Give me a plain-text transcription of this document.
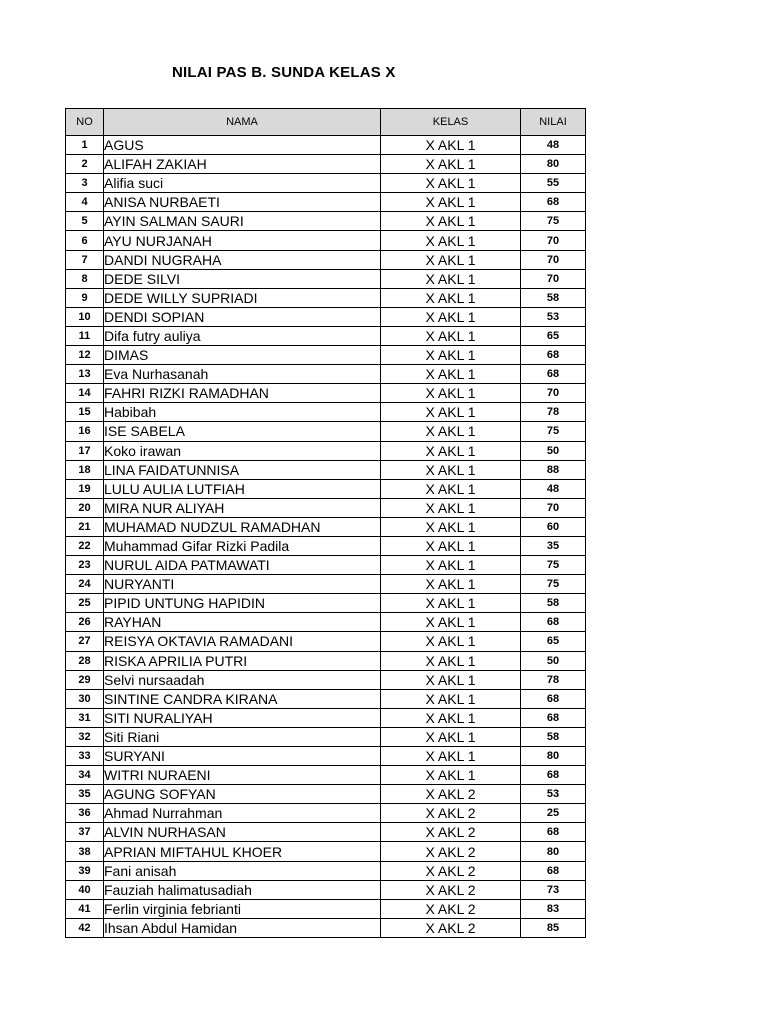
NILAI PAS B. SUNDA KELAS X
NO	NAMA	KELAS	NILAI
1	AGUS	X AKL 1	48
2	ALIFAH ZAKIAH	X AKL 1	80
3	Alifia suci	X AKL 1	55
4	ANISA NURBAETI	X AKL 1	68
5	AYIN SALMAN SAURI	X AKL 1	75
6	AYU NURJANAH	X AKL 1	70
7	DANDI NUGRAHA	X AKL 1	70
8	DEDE SILVI	X AKL 1	70
9	DEDE WILLY SUPRIADI	X AKL 1	58
10	DENDI SOPIAN	X AKL 1	53
11	Difa futry auliya	X AKL 1	65
12	DIMAS	X AKL 1	68
13	Eva Nurhasanah	X AKL 1	68
14	FAHRI RIZKI RAMADHAN	X AKL 1	70
15	Habibah	X AKL 1	78
16	ISE SABELA	X AKL 1	75
17	Koko irawan	X AKL 1	50
18	LINA FAIDATUNNISA	X AKL 1	88
19	LULU AULIA LUTFIAH	X AKL 1	48
20	MIRA NUR ALIYAH	X AKL 1	70
21	MUHAMAD NUDZUL RAMADHAN	X AKL 1	60
22	Muhammad Gifar Rizki Padila	X AKL 1	35
23	NURUL AIDA PATMAWATI	X AKL 1	75
24	NURYANTI	X AKL 1	75
25	PIPID UNTUNG HAPIDIN	X AKL 1	58
26	RAYHAN	X AKL 1	68
27	REISYA OKTAVIA RAMADANI	X AKL 1	65
28	RISKA APRILIA PUTRI	X AKL 1	50
29	Selvi nursaadah	X AKL 1	78
30	SINTINE CANDRA KIRANA	X AKL 1	68
31	SITI NURALIYAH	X AKL 1	68
32	Siti Riani	X AKL 1	58
33	SURYANI	X AKL 1	80
34	WITRI NURAENI	X AKL 1	68
35	AGUNG SOFYAN	X AKL 2	53
36	Ahmad Nurrahman	X AKL 2	25
37	ALVIN NURHASAN	X AKL 2	68
38	APRIAN MIFTAHUL KHOER	X AKL 2	80
39	Fani anisah	X AKL 2	68
40	Fauziah halimatusadiah	X AKL 2	73
41	Ferlin virginia febrianti	X AKL 2	83
42	Ihsan Abdul Hamidan	X AKL 2	85
